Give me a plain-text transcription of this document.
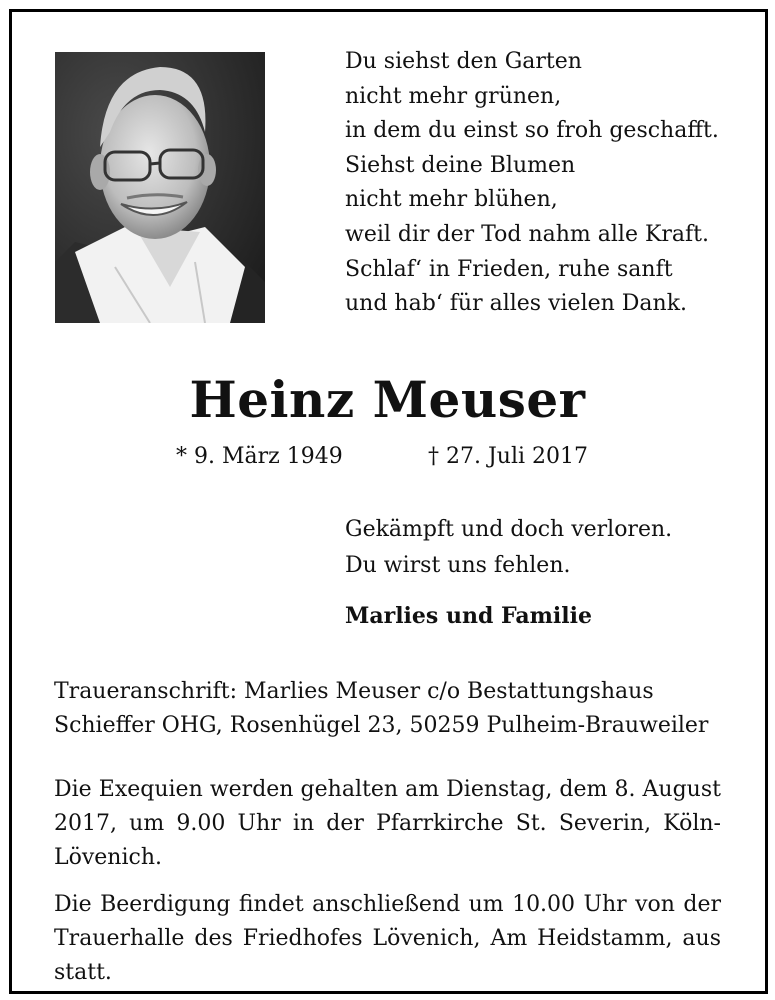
Du siehst den Garten
nicht mehr grünen,
in dem du einst so froh geschafft.
Siehst deine Blumen
nicht mehr blühen,
weil dir der Tod nahm alle Kraft.
Schlaf‘ in Frieden, ruhe sanft
und hab‘ für alles vielen Dank.
Heinz Meuser
* 9. März 1949	† 27. Juli 2017
Gekämpft und doch verloren.
Du wirst uns fehlen.
Marlies und Familie
Traueranschrift: Marlies Meuser c/o Bestattungshaus
Schieffer OHG, Rosenhügel 23, 50259 Pulheim-Brauweiler
Die Exequien werden gehalten am Dienstag, dem 8. August 2017, um 9.00 Uhr in der Pfarrkirche St. Severin, Köln-Lövenich.
Die Beerdigung findet anschließend um 10.00 Uhr von der Trauerhalle des Friedhofes Lövenich, Am Heidstamm, aus statt.
